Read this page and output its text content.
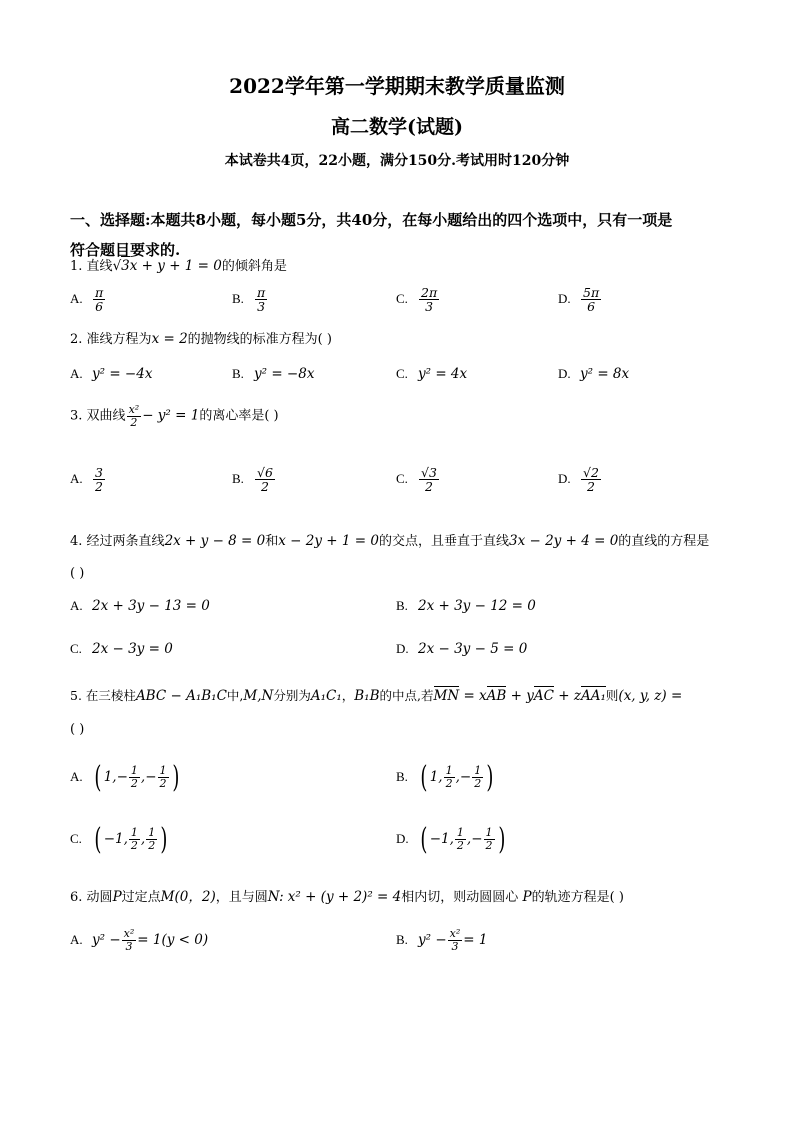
2022学年第一学期期末教学质量监测
高二数学(试题)
本试卷共4页，22小题，满分150分.考试用时120分钟
一、选择题:本题共8小题，每小题5分，共40分，在每小题给出的四个选项中，只有一项是
符合题目要求的.
1. 直线√3x + y + 1 = 0的倾斜角是
A. $\frac{\pi}{6}$	B. $\frac{\pi}{3}$	C. $\frac{2\pi}{3}$	D. $\frac{5\pi}{6}$
2. 准线方程为x = 2的抛物线的标准方程为( )
A. y² = −4x	B. y² = −8x	C. y² = 4x	D. y² = 8x
3. 双曲线 $\frac{\text{x²}}{2} - y^2 = 1$的离心率是( )
A. $\frac{3}{2}$	B. $\frac{√6}{2}$	C. $\frac{√3}{2}$	D. $\frac{√2}{2}$
4. 经过两条直线2x + y − 8 = 0和x − 2y + 1 = 0的交点，且垂直于直线3x − 2y + 4 = 0的直线的方程是
( )
A. 2x + 3y − 13 = 0	B. 2x + 3y − 12 = 0
C. 2x − 3y = 0	D. 2x − 3y − 5 = 0
5. 在三棱柱ABC − A₁B₁C中,M,N分别为A₁C₁，B₁B的中点,若MN = xAB + yAC + zAA₁则(x, y, z) =
( )
A. ( $1,- \frac{1}{2}$ ,− $\frac{1}{2}$ )	B. ( 1, $\frac{1}{2}$ ,− $\frac{1}{2}$ )
C. ( −1, $\frac{1}{2}$ , $\frac{1}{2}$ )	D. ( −1, $\frac{1}{2}$ ,− $\frac{1}{2}$ )
6. 动圆P过定点M(0，2)，且与圆N: x² + (y + 2)² = 4相内切，则动圆圆心 P的轨迹方程是( )
A. $y^2 - \frac{\text{x²}}{3} = 1(y < 0)$	B. $y^2 - \frac{\text{x²}}{3} = 1$
